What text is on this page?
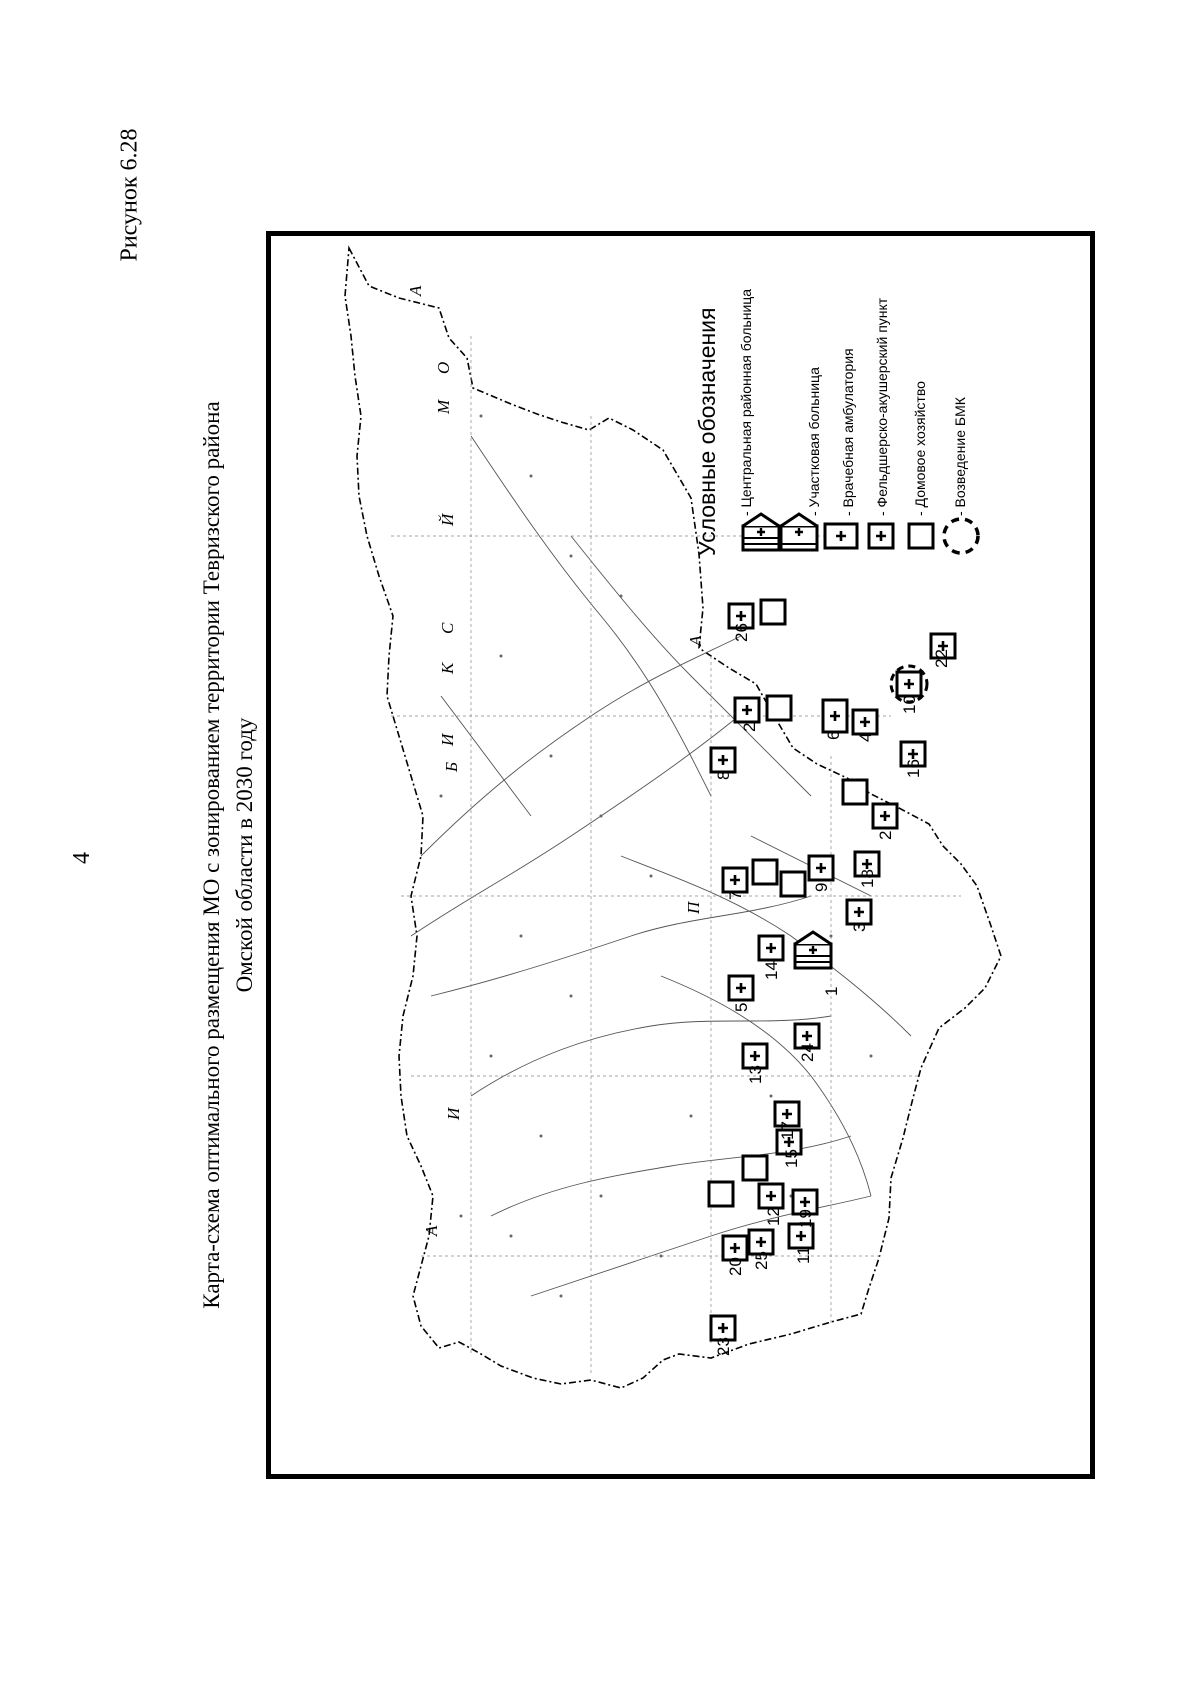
4
Рисунок 6.28
Карта-схема оптимального размещения МО с зонированием территории Тевризского района Омской области в 2030 году
О
М
С
К
И
Й
Б
А
П
А
И
А
1
2
2
3
4
5
6
7
8
9
10
11
12
13
14
15
16
17
18
19
20
22
23
24
25
26
Условные обозначения - Центральная районная больница	- Участковая больница - Врачебная амбулатория - Фельдшерско-акушерский пункт - Домовое хозяйство - Возведение БМК
